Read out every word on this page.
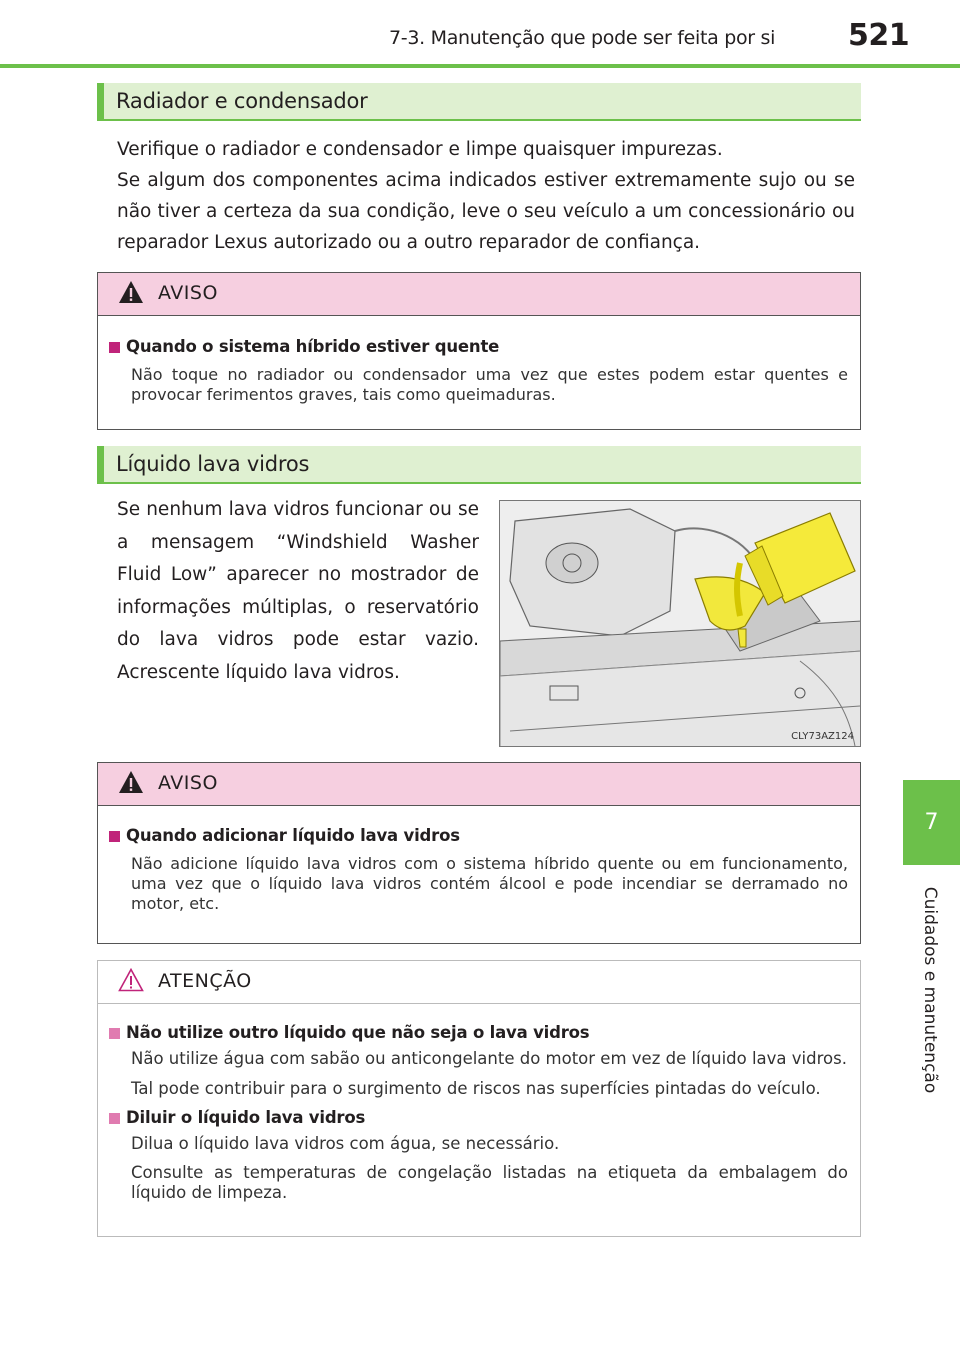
7-3. Manutenção que pode ser feita por si 521
7
Cuidados e manutenção
Radiador e condensador
Verifique o radiador e condensador e limpe quaisquer impurezas.
Se algum dos componentes acima indicados estiver extremamente sujo ou se não tiver a certeza da sua condição, leve o seu veículo a um concessionário ou reparador Lexus autorizado ou a outro reparador de confiança.
AVISO
Quando o sistema híbrido estiver quente
Não toque no radiador ou condensador uma vez que estes podem estar quentes e provocar ferimentos graves, tais como queimaduras.
Líquido lava vidros
Se nenhum lava vidros funcionar ou se a mensagem “Windshield Washer Fluid Low” aparecer no mostrador de informações múltiplas, o reservatório do lava vidros pode estar vazio. Acrescente líquido lava vidros.
CLY73AZ124
AVISO
Quando adicionar líquido lava vidros
Não adicione líquido lava vidros com o sistema híbrido quente ou em funcionamento, uma vez que o líquido lava vidros contém álcool e pode incendiar se derramado no motor, etc.
ATENÇÃO
Não utilize outro líquido que não seja o lava vidros
Não utilize água com sabão ou anticongelante do motor em vez de líquido lava vidros.
Tal pode contribuir para o surgimento de riscos nas superfícies pintadas do veículo.
Diluir o líquido lava vidros
Dilua o líquido lava vidros com água, se necessário.
Consulte as temperaturas de congelação listadas na etiqueta da embalagem do líquido de limpeza.
